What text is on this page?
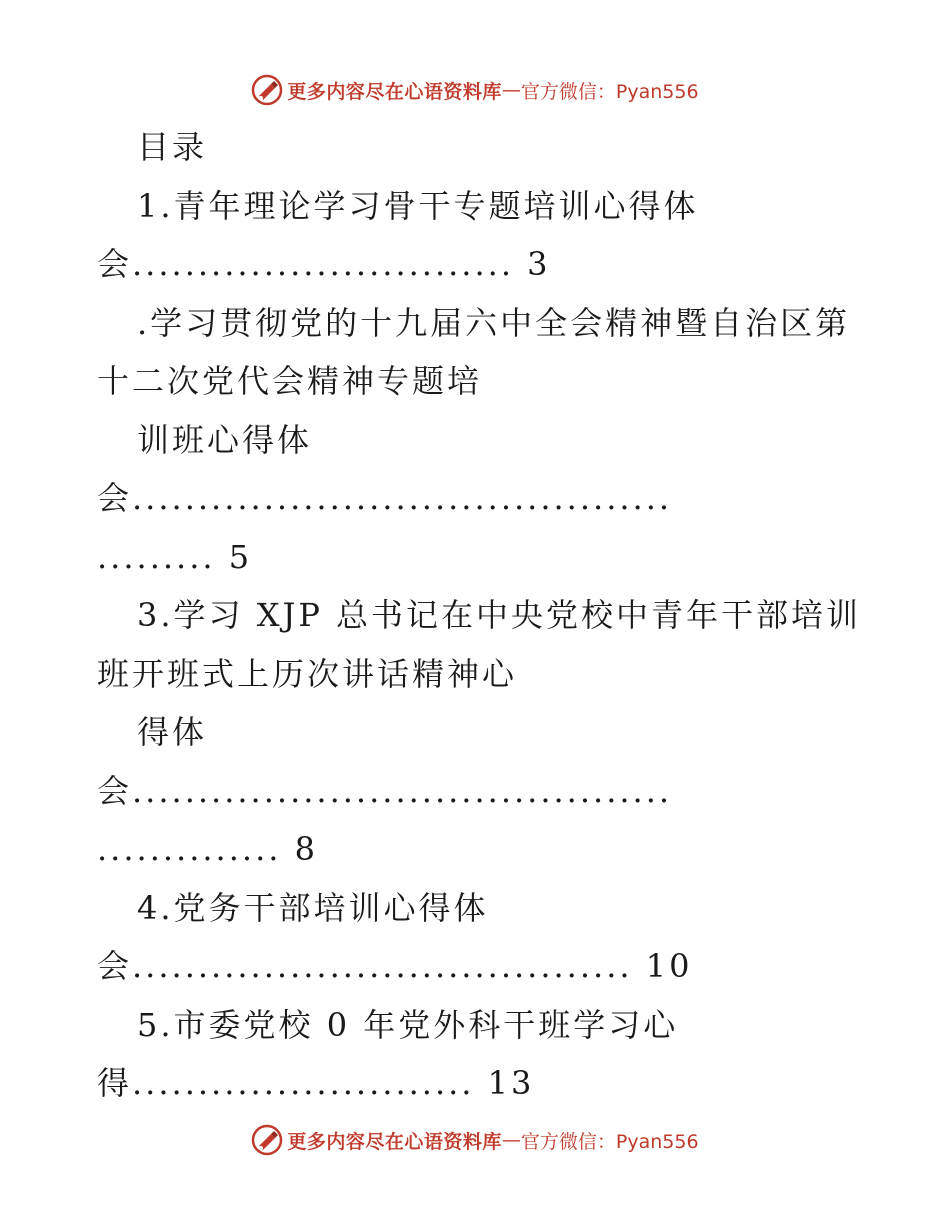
更多内容尽在心语资料库 — 官方微信：Pyan556
目录
1.青年理论学习骨干专题培训心得体
会............................. 3
.学习贯彻党的十九届六中全会精神暨自治区第
十二次党代会精神专题培
训班心得体
会.........................................
......... 5
3.学习 XJP 总书记在中央党校中青年干部培训
班开班式上历次讲话精神心
得体
会.........................................
.............. 8
4.党务干部培训心得体
会...................................... 10
5.市委党校 0 年党外科干班学习心
得.......................... 13
更多内容尽在心语资料库 — 官方微信：Pyan556
